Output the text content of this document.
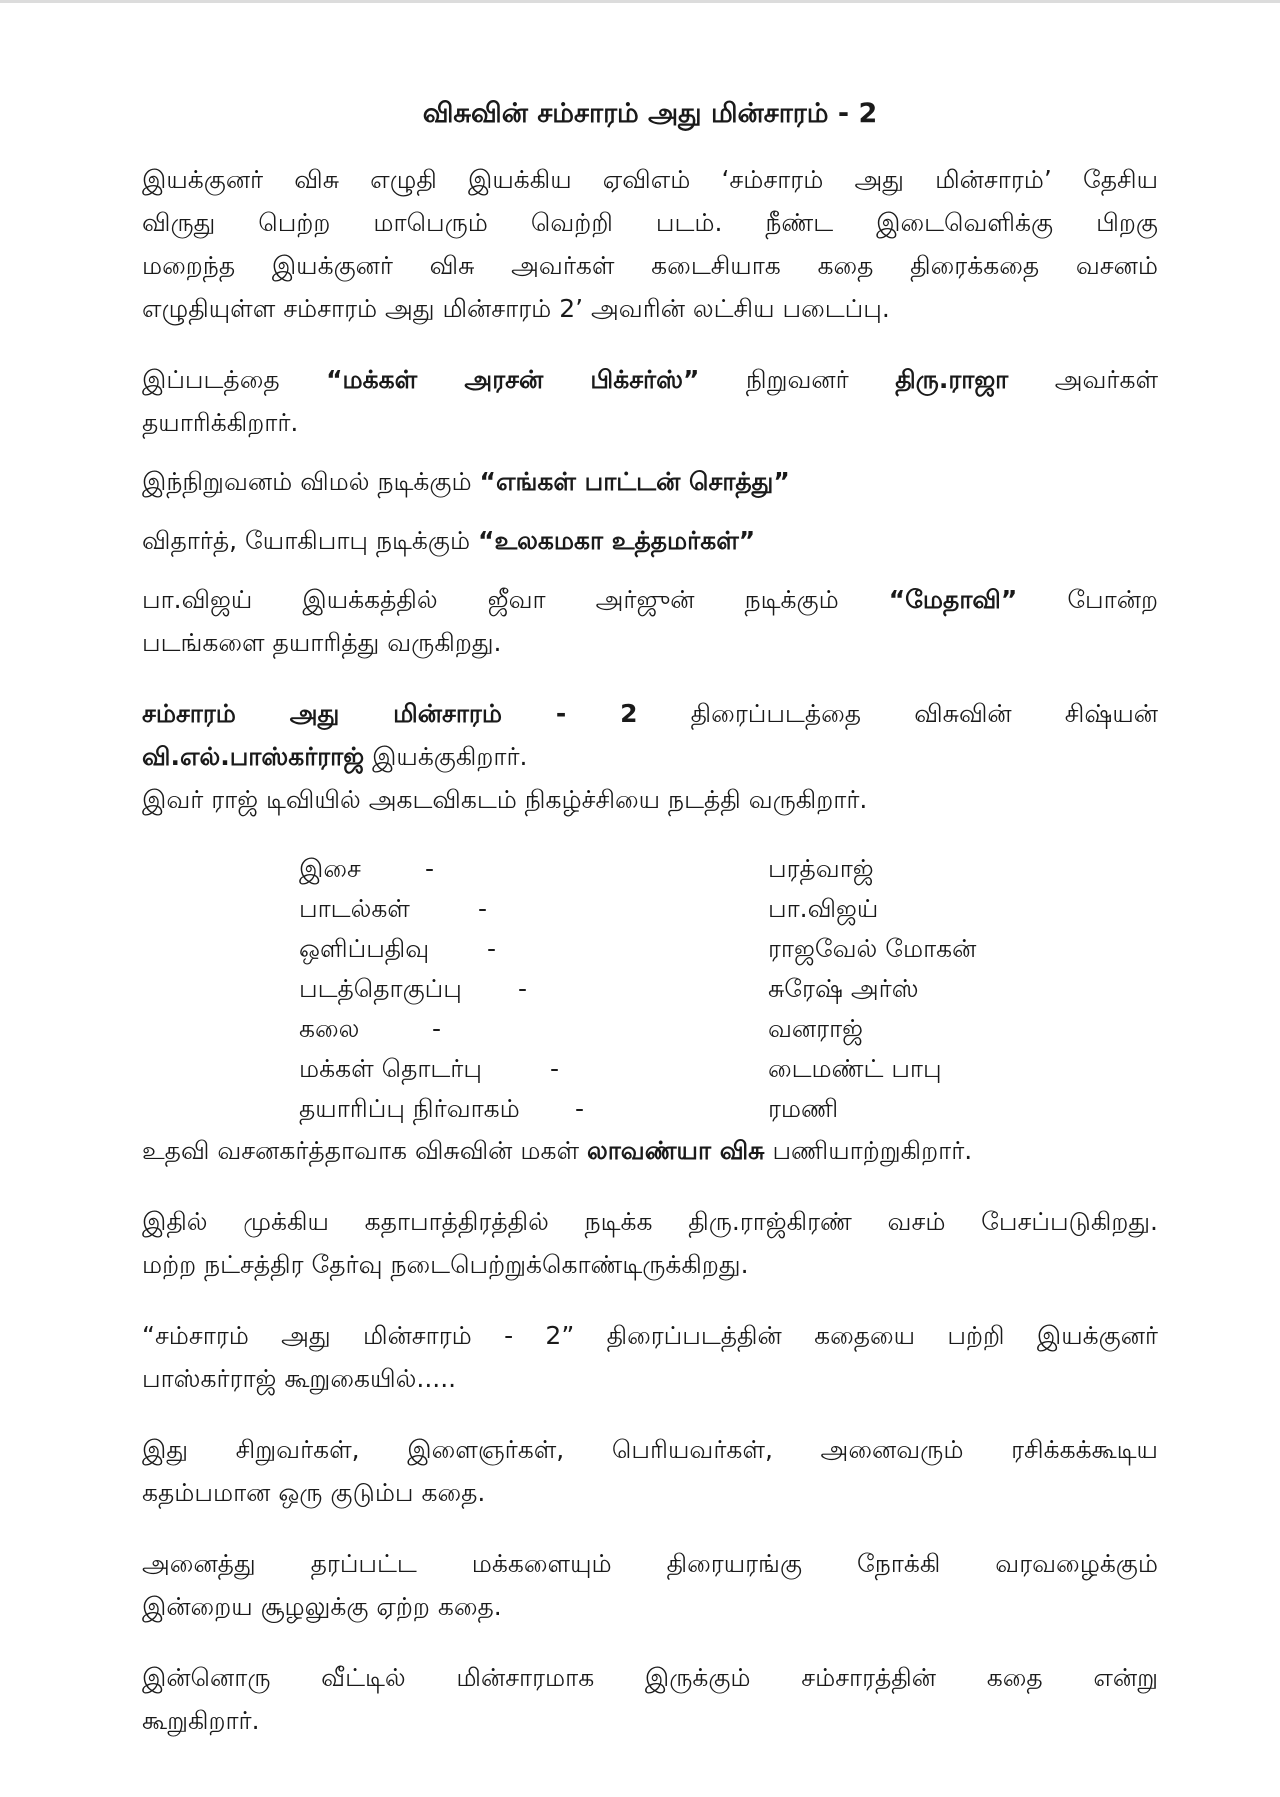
விசுவின் சம்சாரம் அது மின்சாரம் - 2
இயக்குனர் விசு எழுதி இயக்கிய ஏவிஎம் ‘சம்சாரம் அது மின்சாரம்’ தேசிய
விருது பெற்ற மாபெரும் வெற்றி படம். நீண்ட இடைவெளிக்கு பிறகு
மறைந்த இயக்குனர் விசு அவர்கள் கடைசியாக கதை திரைக்கதை வசனம்
எழுதியுள்ள சம்சாரம் அது மின்சாரம் 2’ அவரின் லட்சிய படைப்பு.
இப்படத்தை “மக்கள் அரசன் பிக்சர்ஸ்” நிறுவனர் திரு.ராஜா அவர்கள்
தயாரிக்கிறார்.
இந்நிறுவனம் விமல் நடிக்கும் “எங்கள் பாட்டன் சொத்து”
விதார்த், யோகிபாபு நடிக்கும் “உலகமகா உத்தமர்கள்”
பா.விஜய் இயக்கத்தில் ஜீவா அர்ஜுன் நடிக்கும் “மேதாவி” போன்ற
படங்களை தயாரித்து வருகிறது.
சம்சாரம் அது மின்சாரம் - 2 திரைப்படத்தை விசுவின் சிஷ்யன்
வி.எல்.பாஸ்கர்ராஜ் இயக்குகிறார்.
இவர் ராஜ் டிவியில் அகடவிகடம் நிகழ்ச்சியை நடத்தி வருகிறார்.
இசை	-	பரத்வாஜ்
பாடல்கள்	-	பா.விஜய்
ஒளிப்பதிவு -	ராஜவேல் மோகன்
படத்தொகுப்பு -	சுரேஷ் அர்ஸ்
கலை	-	வனராஜ்
மக்கள் தொடர்பு	-	டைமண்ட் பாபு
தயாரிப்பு நிர்வாகம் -	ரமணி
உதவி வசனகர்த்தாவாக விசுவின் மகள் லாவண்யா விசு பணியாற்றுகிறார்.
இதில் முக்கிய கதாபாத்திரத்தில் நடிக்க திரு.ராஜ்கிரண் வசம் பேசப்படுகிறது.
மற்ற நட்சத்திர தேர்வு நடைபெற்றுக்கொண்டிருக்கிறது.
“சம்சாரம் அது மின்சாரம் - 2” திரைப்படத்தின் கதையை பற்றி இயக்குனர்
பாஸ்கர்ராஜ் கூறுகையில்.....
இது சிறுவர்கள், இளைஞர்கள், பெரியவர்கள், அனைவரும் ரசிக்கக்கூடிய
கதம்பமான ஒரு குடும்ப கதை.
அனைத்து தரப்பட்ட மக்களையும் திரையரங்கு நோக்கி வரவழைக்கும்
இன்றைய சூழலுக்கு ஏற்ற கதை.
இன்னொரு வீட்டில் மின்சாரமாக இருக்கும் சம்சாரத்தின் கதை என்று
கூறுகிறார்.
